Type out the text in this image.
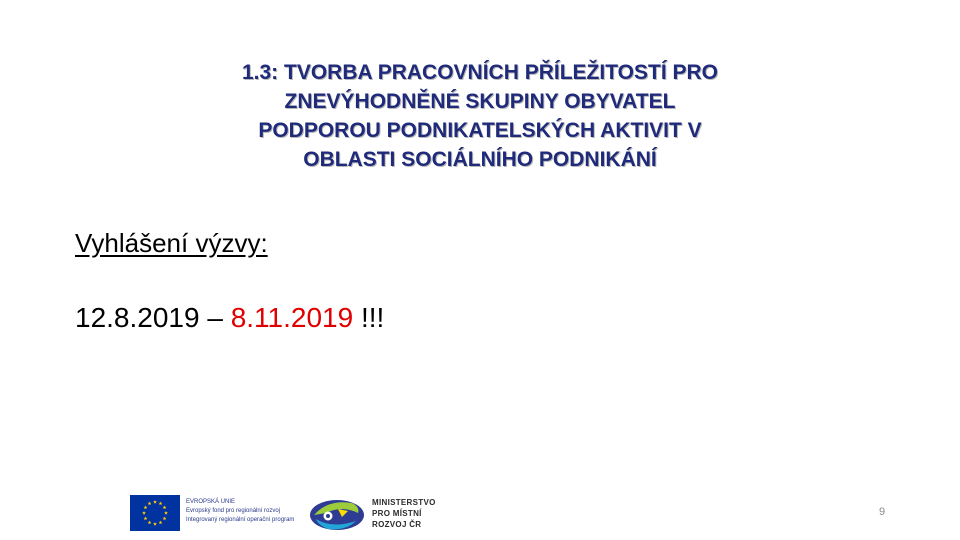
1.3: TVORBA PRACOVNÍCH PŘÍLEŽITOSTÍ PRO
ZNEVÝHODNĚNÉ SKUPINY OBYVATEL
PODPOROU PODNIKATELSKÝCH AKTIVIT V
OBLASTI SOCIÁLNÍHO PODNIKÁNÍ
Vyhlášení výzvy:
12.8.2019 – 8.11.2019 !!!
EVROPSKÁ UNIE
Evropský fond pro regionální rozvoj
Integrovaný regionální operační program
MINISTERSTVO
PRO MÍSTNÍ
ROZVOJ ČR
9
